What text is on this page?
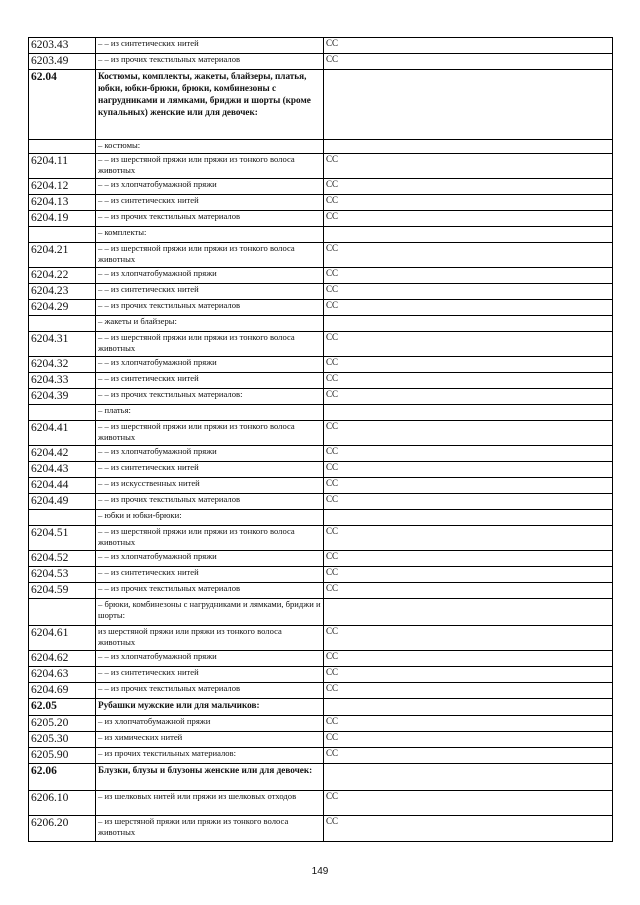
6203.43	– – из синтетических нитей	СС
6203.49	– – из прочих текстильных материалов	СС
62.04	Костюмы, комплекты, жакеты, блайзеры, платья, юбки, юбки-брюки, брюки, комбинезоны с нагрудниками и лямками, бриджи и шорты (кроме купальных) женские или для девочек:	
	– костюмы:	
6204.11	– – из шерстяной пряжи или пряжи из тонкого волоса животных	СС
6204.12	– – из хлопчатобумажной пряжи	СС
6204.13	– – из синтетических нитей	СС
6204.19	– – из прочих текстильных материалов	СС
	– комплекты:	
6204.21	– – из шерстяной пряжи или пряжи из тонкого волоса животных	СС
6204.22	– – из хлопчатобумажной пряжи	СС
6204.23	– – из синтетических нитей	СС
6204.29	– – из прочих текстильных материалов	СС
	– жакеты и блайзеры:	
6204.31	– – из шерстяной пряжи или пряжи из тонкого волоса животных	СС
6204.32	– – из хлопчатобумажной пряжи	СС
6204.33	– – из синтетических нитей	СС
6204.39	– – из прочих текстильных материалов:	СС
	– платья:	
6204.41	– – из шерстяной пряжи или пряжи из тонкого волоса животных	СС
6204.42	– – из хлопчатобумажной пряжи	СС
6204.43	– – из синтетических нитей	СС
6204.44	– – из искусственных нитей	СС
6204.49	– – из прочих текстильных материалов	СС
	– юбки и юбки-брюки:	
6204.51	– – из шерстяной пряжи или пряжи из тонкого волоса животных	СС
6204.52	– – из хлопчатобумажной пряжи	СС
6204.53	– – из синтетических нитей	СС
6204.59	– – из прочих текстильных материалов	СС
	– брюки, комбинезоны с нагрудниками и лямками, бриджи и шорты:	
6204.61	из шерстяной пряжи или пряжи из тонкого волоса животных	СС
6204.62	– – из хлопчатобумажной пряжи	СС
6204.63	– – из синтетических нитей	СС
6204.69	– – из прочих текстильных материалов	СС
62.05	Рубашки мужские или для мальчиков:	
6205.20	– из хлопчатобумажной пряжи	СС
6205.30	– из химических нитей	СС
6205.90	– из прочих текстильных материалов:	СС
62.06	Блузки, блузы и блузоны женские или для девочек:	
6206.10	– из шелковых нитей или пряжи из шелковых отходов	СС
6206.20	– из шерстяной пряжи или пряжи из тонкого волоса животных	СС
149
